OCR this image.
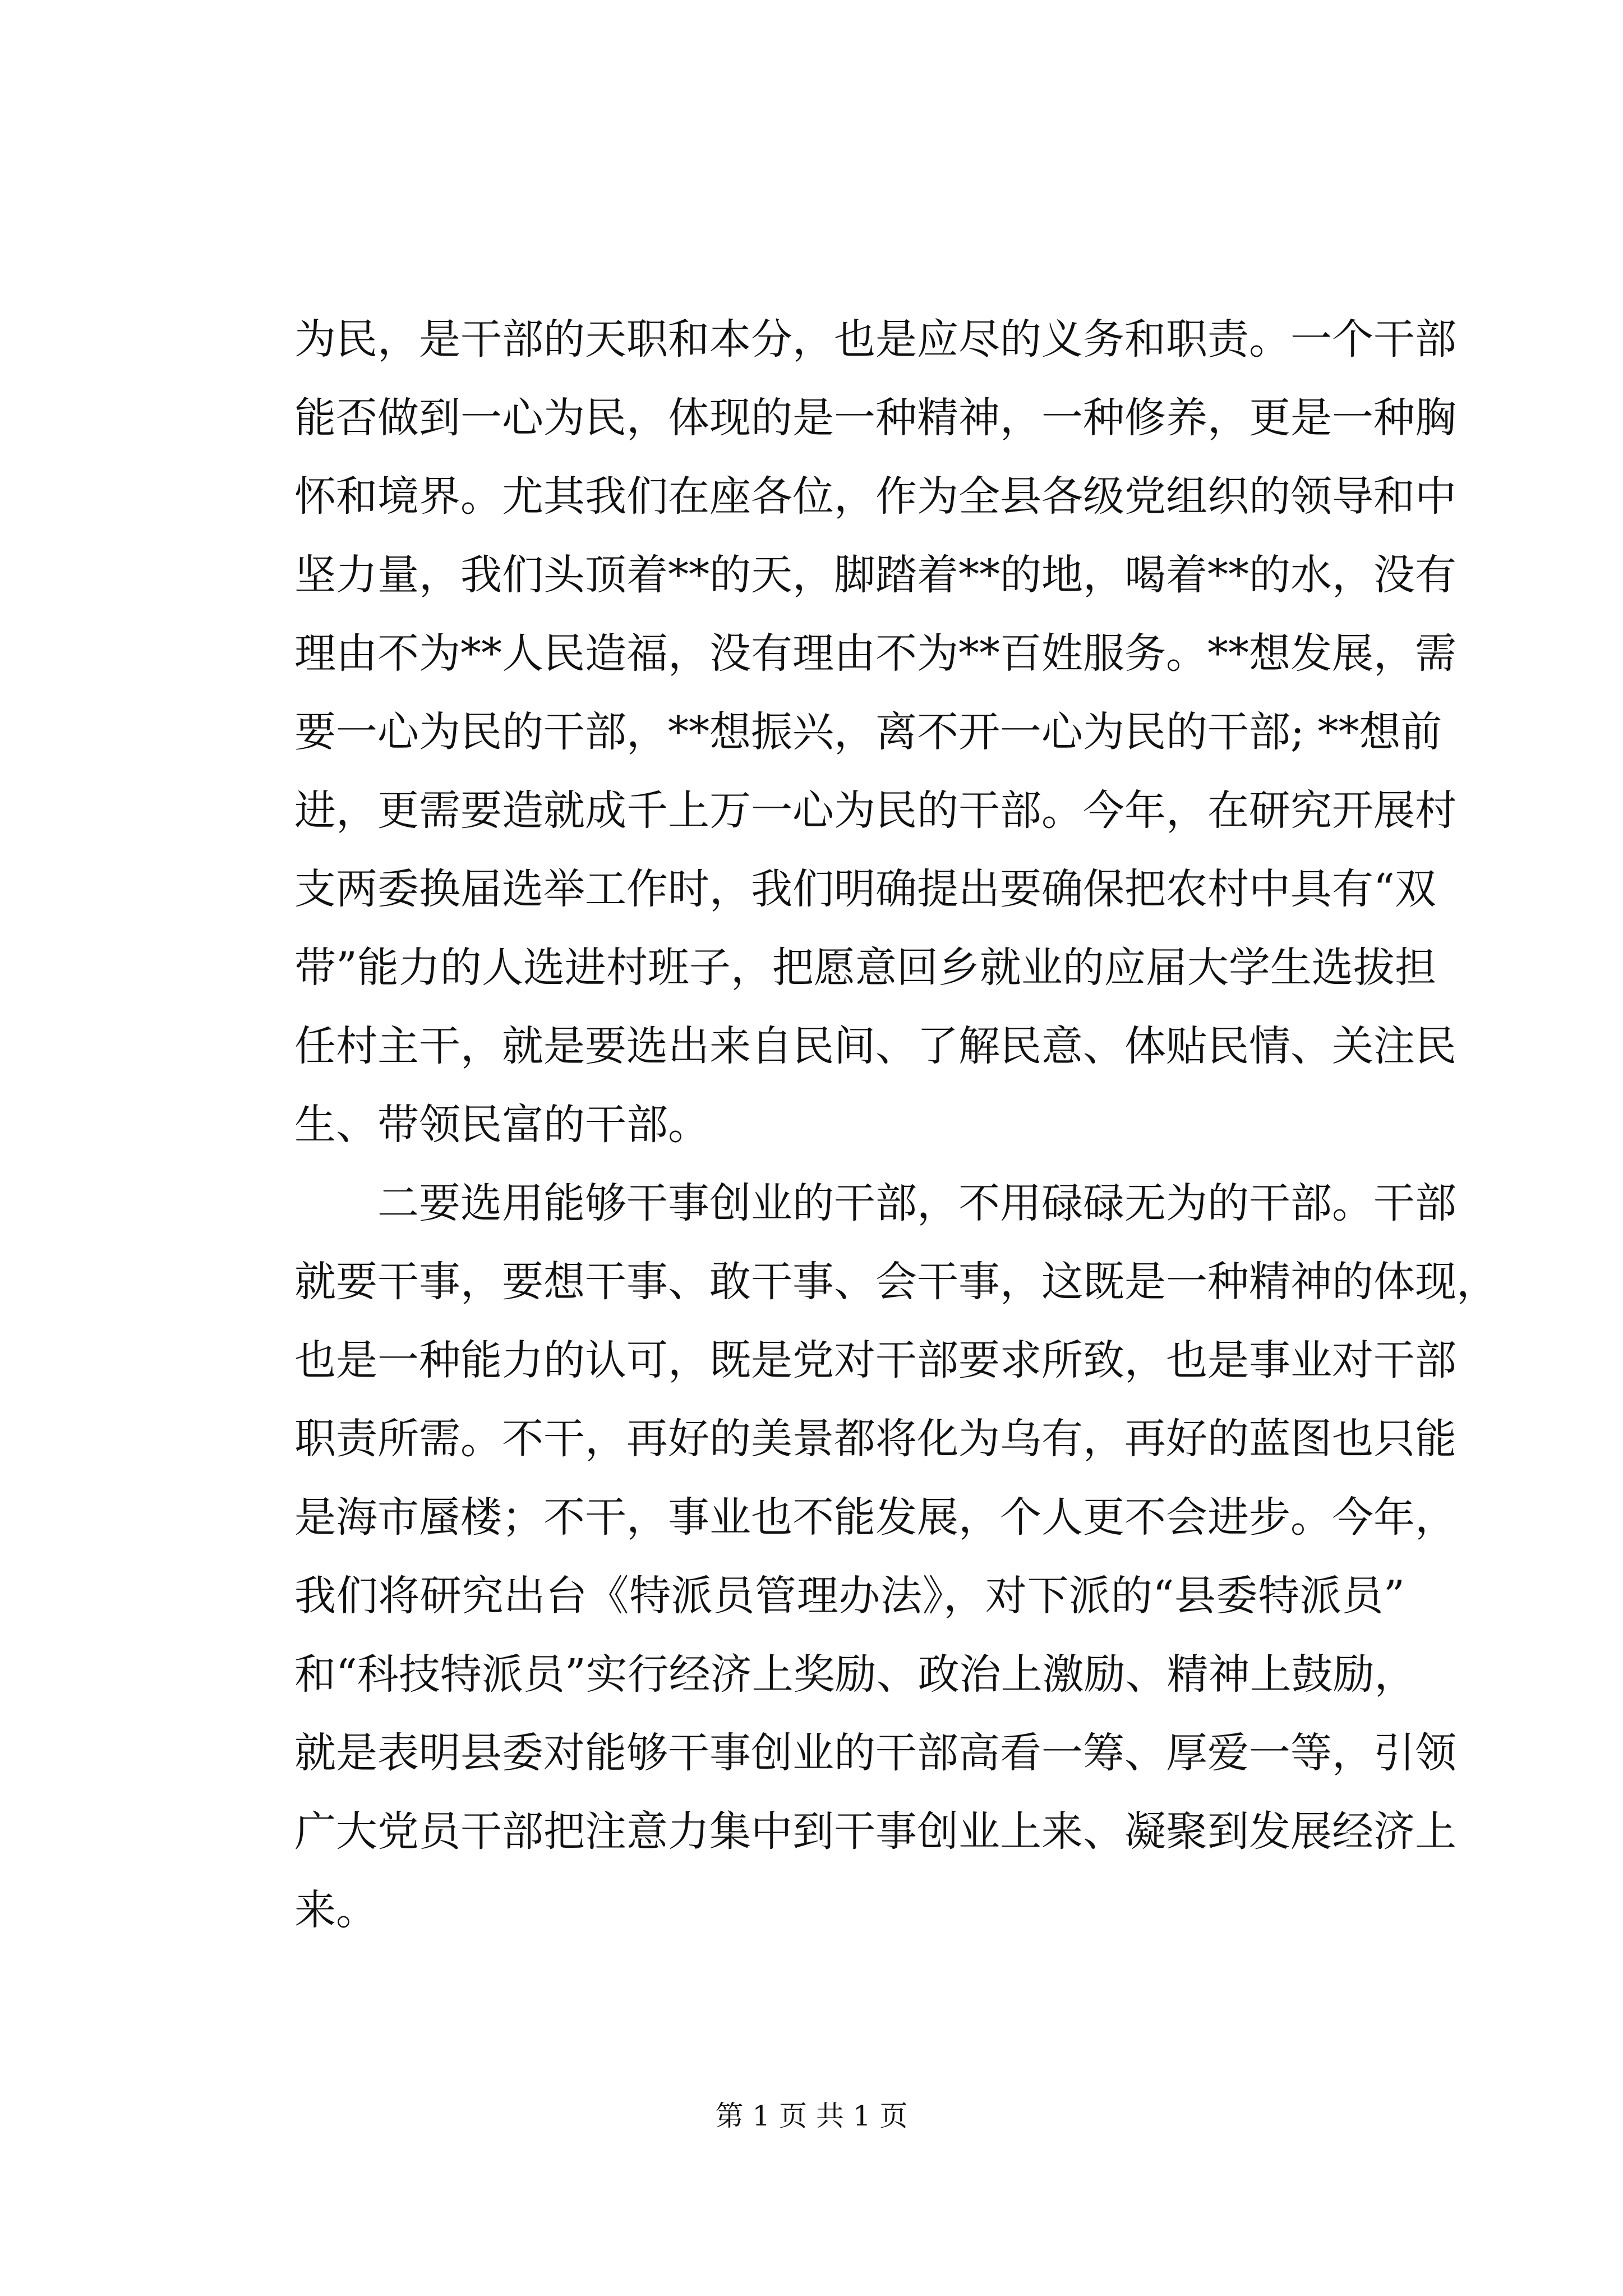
为民，是干部的天职和本分，也是应尽的义务和职责。一个干部
能否做到一心为民，体现的是一种精神，一种修养，更是一种胸
怀和境界。尤其我们在座各位，作为全县各级党组织的领导和中
坚力量，我们头顶着**的天，脚踏着**的地，喝着**的水，没有
理由不为**人民造福，没有理由不为**百姓服务。**想发展，需
要一心为民的干部，**想振兴，离不开一心为民的干部; **想前
进，更需要造就成千上万一心为民的干部。今年，在研究开展村
支两委换届选举工作时，我们明确提出要确保把农村中具有“双
带”能力的人选进村班子，把愿意回乡就业的应届大学生选拔担
任村主干，就是要选出来自民间、了解民意、体贴民情、关注民
生、带领民富的干部。
二要选用能够干事创业的干部，不用碌碌无为的干部。干部
就要干事，要想干事、敢干事、会干事，这既是一种精神的体现，
也是一种能力的认可，既是党对干部要求所致，也是事业对干部
职责所需。不干，再好的美景都将化为乌有，再好的蓝图也只能
是海市蜃楼；不干，事业也不能发展，个人更不会进步。今年，
我们将研究出台《特派员管理办法》，对下派的“县委特派员”
和“科技特派员”实行经济上奖励、政治上激励、精神上鼓励，
就是表明县委对能够干事创业的干部高看一筹、厚爱一等，引领
广大党员干部把注意力集中到干事创业上来、凝聚到发展经济上
来。
第 1 页 共 1 页
